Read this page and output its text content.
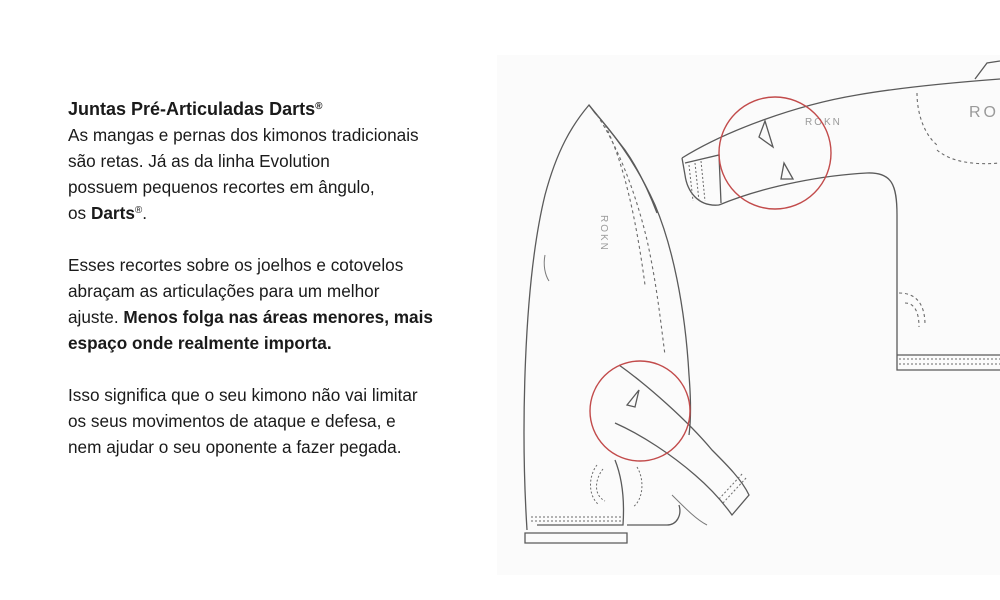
Juntas Pré-Articuladas Darts®

As mangas e pernas dos kimonos tradicionais
são retas. Já as da linha Evolution
possuem pequenos recortes em ângulo,
os Darts®.

Esses recortes sobre os joelhos e cotovelos
abraçam as articulações para um melhor
ajuste. Menos folga nas áreas menores, mais
espaço onde realmente importa.

Isso significa que o seu kimono não vai limitar
os seus movimentos de ataque e defesa, e
nem ajudar o seu oponente a fazer pegada.

ROKN
ROKN
RO
